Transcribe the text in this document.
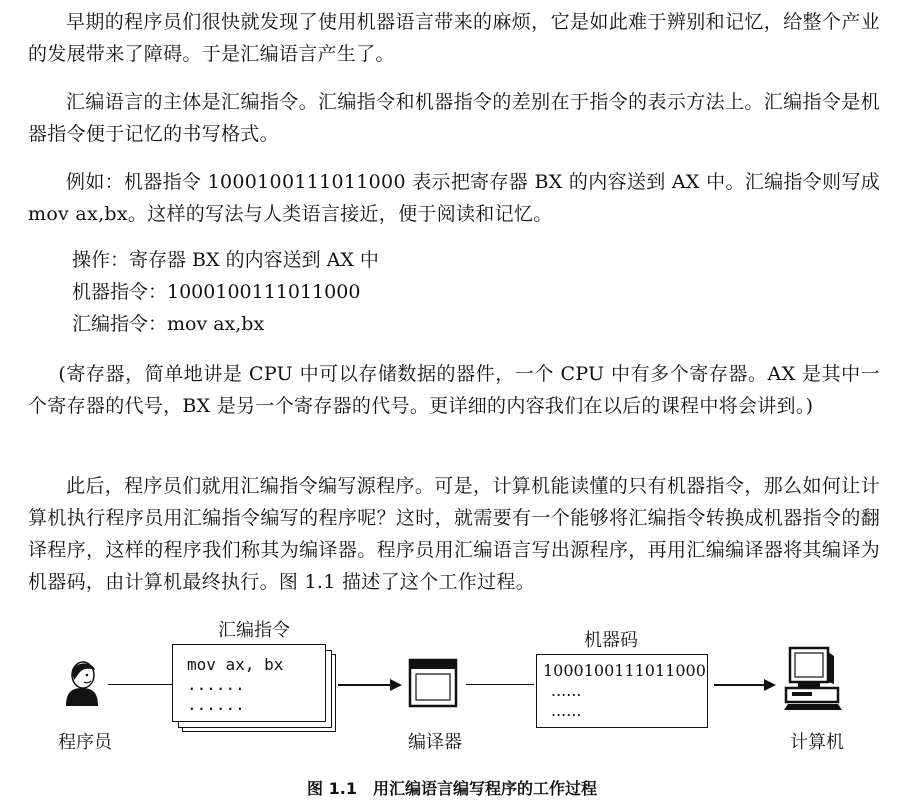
早期的程序员们很快就发现了使用机器语言带来的麻烦，它是如此难于辨别和记忆，给整个产业的发展带来了障碍。于是汇编语言产生了。

汇编语言的主体是汇编指令。汇编指令和机器指令的差别在于指令的表示方法上。汇编指令是机器指令便于记忆的书写格式。

例如：机器指令 1000100111011000 表示把寄存器 BX 的内容送到 AX 中。汇编指令则写成 mov ax,bx。这样的写法与人类语言接近，便于阅读和记忆。

操作：寄存器 BX 的内容送到 AX 中
机器指令：1000100111011000
汇编指令：mov ax,bx

(寄存器，简单地讲是 CPU 中可以存储数据的器件，一个 CPU 中有多个寄存器。AX 是其中一个寄存器的代号，BX 是另一个寄存器的代号。更详细的内容我们在以后的课程中将会讲到。)

此后，程序员们就用汇编指令编写源程序。可是，计算机能读懂的只有机器指令，那么如何让计算机执行程序员用汇编指令编写的程序呢？这时，就需要有一个能够将汇编指令转换成机器指令的翻译程序，这样的程序我们称其为编译器。程序员用汇编语言写出源程序，再用汇编编译器将其编译为机器码，由计算机最终执行。图 1.1 描述了这个工作过程。

程序员
汇编指令
mov ax, bx
......
......
编译器
机器码
1000100111011000
......
......
计算机
图 1.1 用汇编语言编写程序的工作过程
